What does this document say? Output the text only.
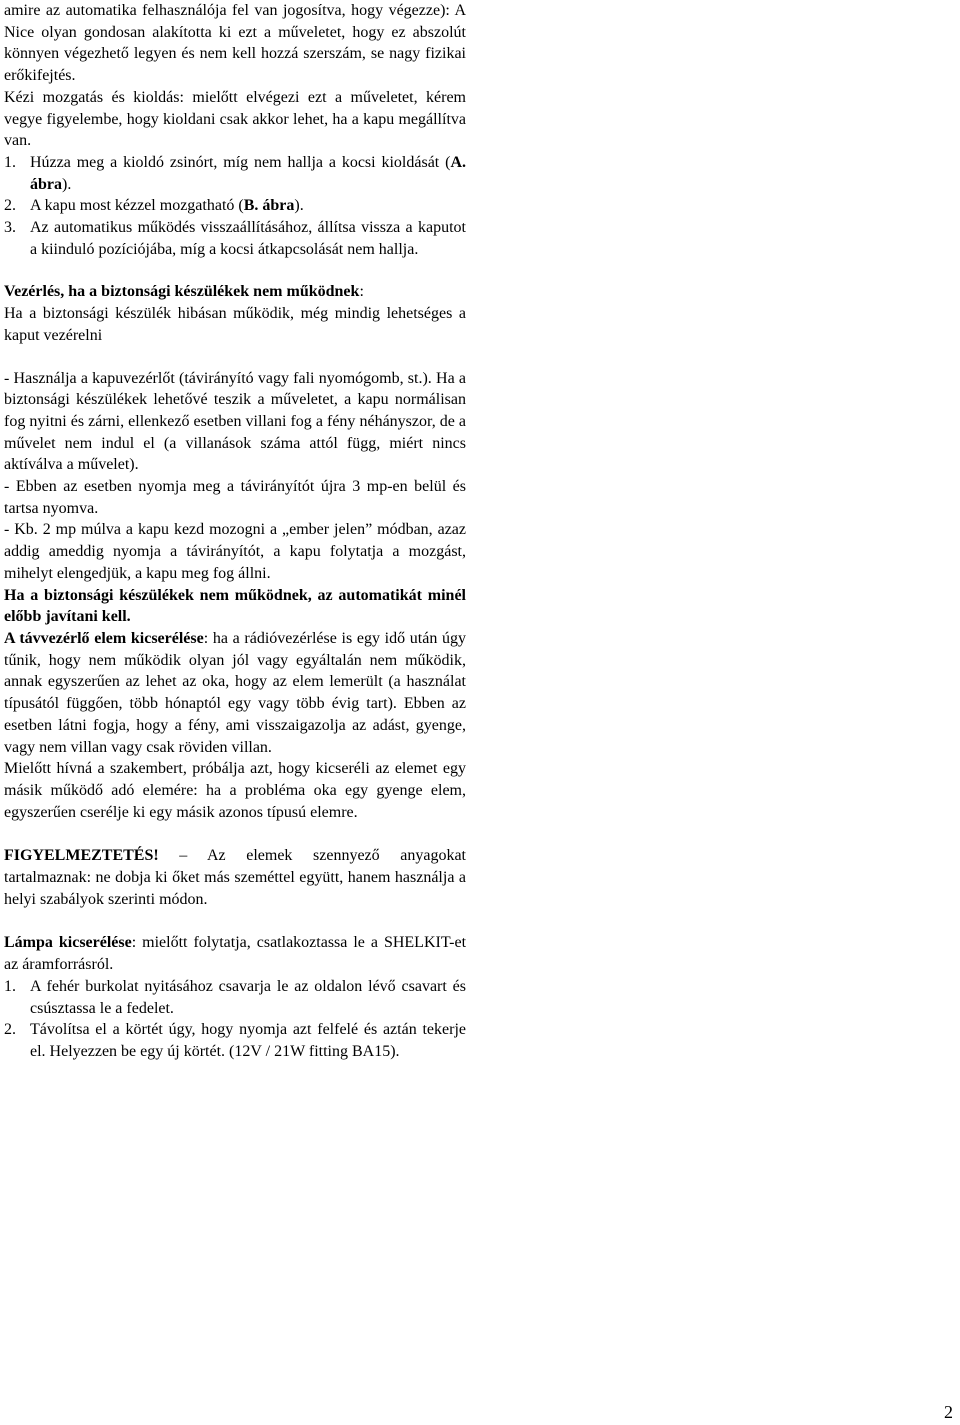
amire az automatika felhasználója fel van jogosítva, hogy végezze): A Nice olyan gondosan alakította ki ezt a műveletet, hogy ez abszolút könnyen végezhető legyen és nem kell hozzá szerszám, se nagy fizikai erőkifejtés.

Kézi mozgatás és kioldás: mielőtt elvégezi ezt a műveletet, kérem vegye figyelembe, hogy kioldani csak akkor lehet, ha a kapu megállítva van.

1. Húzza meg a kioldó zsinórt, míg nem hallja a kocsi kioldását (A. ábra).
2. A kapu most kézzel mozgatható (B. ábra).
3. Az automatikus működés visszaállításához, állítsa vissza a kaputot a kiinduló pozíciójába, míg a kocsi átkapcsolását nem hallja.

Vezérlés, ha a biztonsági készülékek nem működnek:

Ha a biztonsági készülék hibásan működik, még mindig lehetséges a kaput vezérelni

- Használja a kapuvezérlőt (távirányító vagy fali nyomógomb, st.). Ha a biztonsági készülékek lehetővé teszik a műveletet, a kapu normálisan fog nyitni és zárni, ellenkező esetben villani fog a fény néhányszor, de a művelet nem indul el (a villanások száma attól függ, miért nincs aktíválva a művelet).

- Ebben az esetben nyomja meg a távirányítót újra 3 mp-en belül és tartsa nyomva.

- Kb. 2 mp múlva a kapu kezd mozogni a „ember jelen” módban, azaz addig ameddig nyomja a távirányítót, a kapu folytatja a mozgást, mihelyt elengedjük, a kapu meg fog állni.

Ha a biztonsági készülékek nem működnek, az automatikát minél előbb javítani kell.

A távvezérlő elem kicserélése: ha a rádióvezérlése is egy idő után úgy tűnik, hogy nem működik olyan jól vagy egyáltalán nem működik, annak egyszerűen az lehet az oka, hogy az elem lemerült (a használat típusától függően, több hónaptól egy vagy több évig tart). Ebben az esetben látni fogja, hogy a fény, ami visszaigazolja az adást, gyenge, vagy nem villan vagy csak röviden villan.

Mielőtt hívná a szakembert, próbálja azt, hogy kicseréli az elemet egy másik működő adó elemére: ha a probléma oka egy gyenge elem, egyszerűen cserélje ki egy másik azonos típusú elemre.

FIGYELMEZTETÉS! – Az elemek szennyező anyagokat tartalmaznak: ne dobja ki őket más szeméttel együtt, hanem használja a helyi szabályok szerinti módon.

Lámpa kicserélése: mielőtt folytatja, csatlakoztassa le a SHELKIT-et az áramforrásról.

1. A fehér burkolat nyitásához csavarja le az oldalon lévő csavart és csúsztassa le a fedelet.
2. Távolítsa el a körtét úgy, hogy nyomja azt felfelé és aztán tekerje el. Helyezzen be egy új körtét. (12V / 21W fitting BA15).
2
